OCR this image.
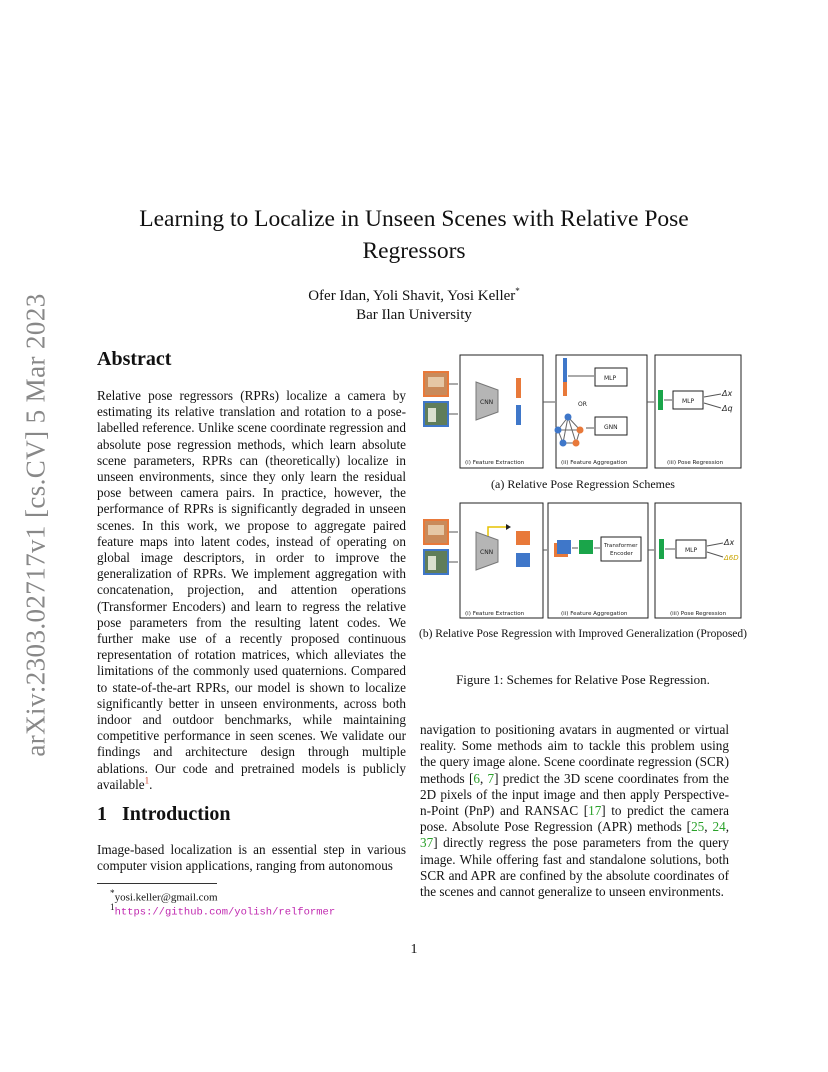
arXiv:2303.02717v1 [cs.CV] 5 Mar 2023
Learning to Localize in Unseen Scenes with Relative Pose
Regressors
Ofer Idan, Yoli Shavit, Yosi Keller*
Bar Ilan University
Abstract
Relative pose regressors (RPRs) localize a camera by estimating its relative translation and rotation to a pose-labelled reference. Unlike scene coordinate regression and absolute pose regression methods, which learn absolute scene parameters, RPRs can (theoretically) localize in unseen environments, since they only learn the residual pose between camera pairs. In practice, however, the performance of RPRs is significantly degraded in unseen scenes. In this work, we propose to aggregate paired feature maps into latent codes, instead of operating on global image descriptors, in order to improve the generalization of RPRs. We implement aggregation with concatenation, projection, and attention operations (Transformer Encoders) and learn to regress the relative pose parameters from the resulting latent codes. We further make use of a recently proposed continuous representation of rotation matrices, which alleviates the limitations of the commonly used quaternions. Compared to state-of-the-art RPRs, our model is shown to localize significantly better in unseen environments, across both indoor and outdoor benchmarks, while maintaining competitive performance in seen scenes. We validate our findings and architecture design through multiple ablations. Our code and pretrained models is publicly available$^1$.
1 Introduction
Image-based localization is an essential step in various computer vision applications, ranging from autonomous
*yosi.keller@gmail.com
$^1$https://github.com/yolish/relformer
navigation to positioning avatars in augmented or virtual reality. Some methods aim to tackle this problem using the query image alone. Scene coordinate regression (SCR) methods [6, 7] predict the 3D scene coordinates from the 2D pixels of the input image and then apply Perspective-n-Point (PnP) and RANSAC [17] to predict the camera pose. Absolute Pose Regression (APR) methods [25, 24, 37] directly regress the pose parameters from the query image. While offering fast and standalone solutions, both SCR and APR are confined by the absolute coordinates of the scenes and cannot generalize to unseen environments.
CNN
(i) Feature Extraction
MLP
OR
GNN
(ii) Feature Aggregation
MLP
Δx
Δq
(iii) Pose Regression
CNN
(i) Feature Extraction
Transformer
Encoder
(ii) Feature Aggregation
MLP
Δx
Δ6D
(iii) Pose Regression
(a) Relative Pose Regression Schemes
(b) Relative Pose Regression with Improved Generalization (Proposed)
Figure 1: Schemes for Relative Pose Regression.
1
